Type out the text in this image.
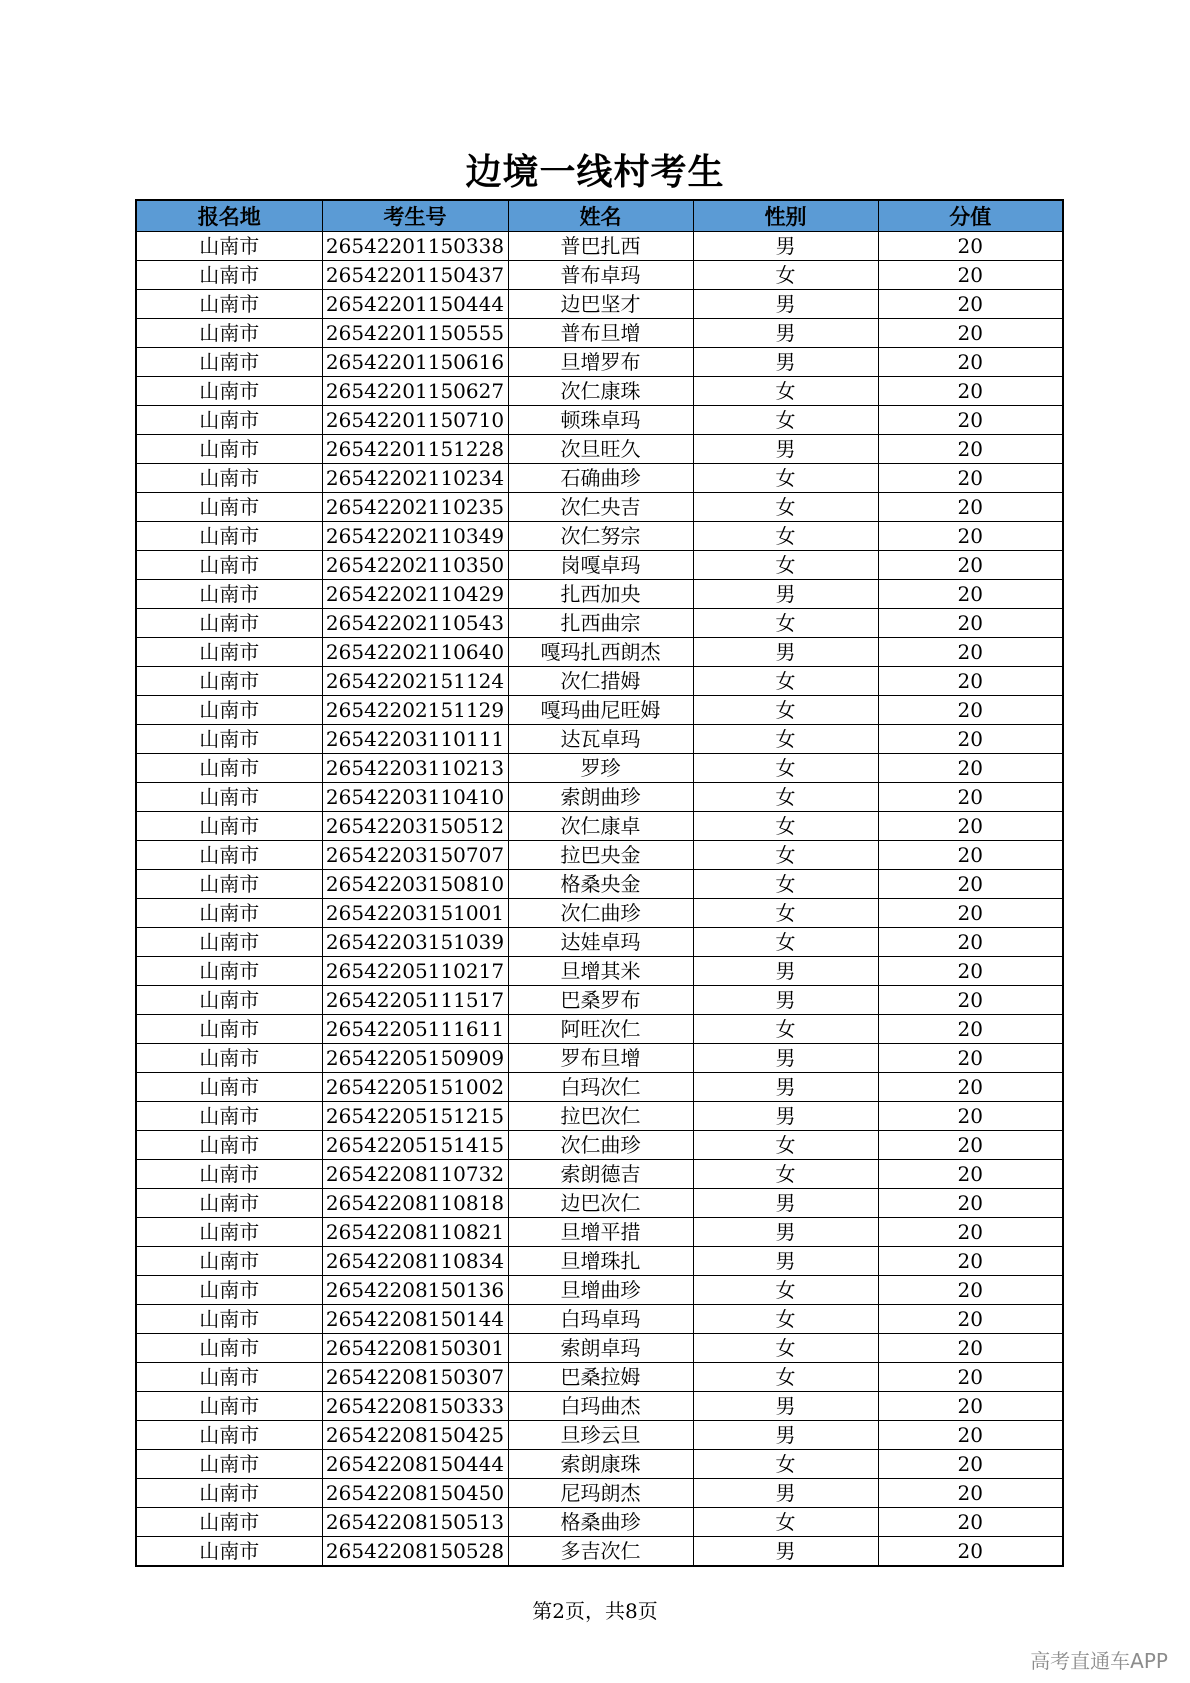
边境一线村考生
报名地	考生号	姓名	性别	分值
山南市	26542201150338	普巴扎西	男	20
山南市	26542201150437	普布卓玛	女	20
山南市	26542201150444	边巴坚才	男	20
山南市	26542201150555	普布旦增	男	20
山南市	26542201150616	旦增罗布	男	20
山南市	26542201150627	次仁康珠	女	20
山南市	26542201150710	顿珠卓玛	女	20
山南市	26542201151228	次旦旺久	男	20
山南市	26542202110234	石确曲珍	女	20
山南市	26542202110235	次仁央吉	女	20
山南市	26542202110349	次仁努宗	女	20
山南市	26542202110350	岗嘎卓玛	女	20
山南市	26542202110429	扎西加央	男	20
山南市	26542202110543	扎西曲宗	女	20
山南市	26542202110640	嘎玛扎西朗杰	男	20
山南市	26542202151124	次仁措姆	女	20
山南市	26542202151129	嘎玛曲尼旺姆	女	20
山南市	26542203110111	达瓦卓玛	女	20
山南市	26542203110213	罗珍	女	20
山南市	26542203110410	索朗曲珍	女	20
山南市	26542203150512	次仁康卓	女	20
山南市	26542203150707	拉巴央金	女	20
山南市	26542203150810	格桑央金	女	20
山南市	26542203151001	次仁曲珍	女	20
山南市	26542203151039	达娃卓玛	女	20
山南市	26542205110217	旦增其米	男	20
山南市	26542205111517	巴桑罗布	男	20
山南市	26542205111611	阿旺次仁	女	20
山南市	26542205150909	罗布旦增	男	20
山南市	26542205151002	白玛次仁	男	20
山南市	26542205151215	拉巴次仁	男	20
山南市	26542205151415	次仁曲珍	女	20
山南市	26542208110732	索朗德吉	女	20
山南市	26542208110818	边巴次仁	男	20
山南市	26542208110821	旦增平措	男	20
山南市	26542208110834	旦增珠扎	男	20
山南市	26542208150136	旦增曲珍	女	20
山南市	26542208150144	白玛卓玛	女	20
山南市	26542208150301	索朗卓玛	女	20
山南市	26542208150307	巴桑拉姆	女	20
山南市	26542208150333	白玛曲杰	男	20
山南市	26542208150425	旦珍云旦	男	20
山南市	26542208150444	索朗康珠	女	20
山南市	26542208150450	尼玛朗杰	男	20
山南市	26542208150513	格桑曲珍	女	20
山南市	26542208150528	多吉次仁	男	20
第2页，共8页
高考直通车APP
